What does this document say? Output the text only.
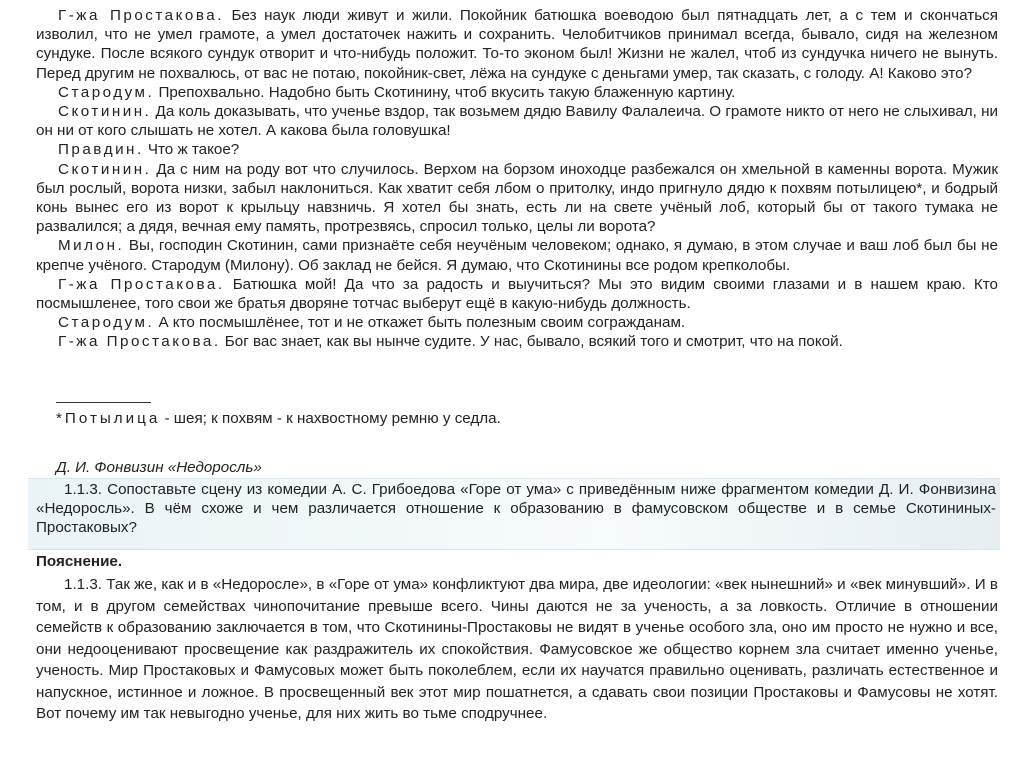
Г-жа Простакова. Без наук люди живут и жили. Покойник батюшка воеводою был пятнадцать лет, а с тем и скончаться изволил, что не умел грамоте, а умел достаточек нажить и сохранить. Челобитчиков принимал всегда, бывало, сидя на железном сундуке. После всякого сундук отворит и что-нибудь положит. То-то эконом был! Жизни не жалел, чтоб из сундучка ничего не вынуть. Перед другим не похвалюсь, от вас не потаю, покойник-свет, лёжа на сундуке с деньгами умер, так сказать, с голоду. А! Каково это?

Стародум. Препохвально. Надобно быть Скотинину, чтоб вкусить такую блаженную картину.

Скотинин. Да коль доказывать, что ученье вздор, так возьмем дядю Вавилу Фалалеича. О грамоте никто от него не слыхивал, ни он ни от кого слышать не хотел. А какова была головушка!

Правдин. Что ж такое?

Скотинин. Да с ним на роду вот что случилось. Верхом на борзом иноходце разбежался он хмельной в каменны ворота. Мужик был рослый, ворота низки, забыл наклониться. Как хватит себя лбом о притолку, индо пригнуло дядю к похвям потылицею*, и бодрый конь вынес его из ворот к крыльцу навзничь. Я хотел бы знать, есть ли на свете учёный лоб, который бы от такого тумака не развалился; а дядя, вечная ему память, протрезвясь, спросил только, целы ли ворота?

Милон. Вы, господин Скотинин, сами признаёте себя неучёным человеком; однако, я думаю, в этом случае и ваш лоб был бы не крепче учёного. Стародум (Милону). Об заклад не бейся. Я думаю, что Скотинины все родом крепколобы.

Г-жа Простакова. Батюшка мой! Да что за радость и выучиться? Мы это видим своими глазами и в нашем краю. Кто посмышленее, того свои же братья дворяне тотчас выберут ещё в какую-нибудь должность.

Стародум. А кто посмышлёнее, тот и не откажет быть полезным своим согражданам.

Г-жа Простакова. Бог вас знает, как вы нынче судите. У нас, бывало, всякий того и смотрит, что на покой.

*Потылица - шея; к похвям - к нахвостному ремню у седла.

Д. И. Фонвизин «Недоросль»

1.1.3. Сопоставьте сцену из комедии А. С. Грибоедова «Горе от ума» с приведённым ниже фрагментом комедии Д. И. Фонвизина «Недоросль». В чём схоже и чем различается отношение к образованию в фамусовском обществе и в семье Скотининых-Простаковых?

Пояснение.

1.1.3. Так же, как и в «Недоросле», в «Горе от ума» конфликтуют два мира, две идеологии: «век нынешний» и «век минувший». И в том, и в другом семействах чинопочитание превыше всего. Чины даются не за ученость, а за ловкость. Отличие в отношении семейств к образованию заключается в том, что Скотинины-Простаковы не видят в ученье особого зла, оно им просто не нужно и все, они недооценивают просвещение как раздражитель их спокойствия. Фамусовское же общество корнем зла считает именно ученье, ученость. Мир Простаковых и Фамусовых может быть поколеблем, если их научатся правильно оценивать, различать естественное и напускное, истинное и ложное. В просвещенный век этот мир пошатнется, а сдавать свои позиции Простаковы и Фамусовы не хотят. Вот почему им так невыгодно ученье, для них жить во тьме сподручнее.
